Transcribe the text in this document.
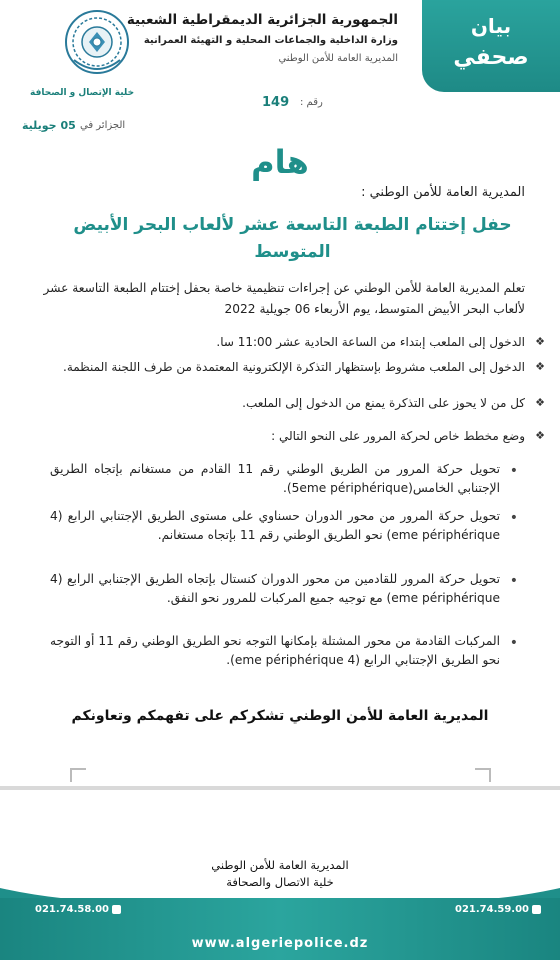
بيان
صحفي
الجمهورية الجزائرية الديمقراطية الشعبية
وزارة الداخلية والجماعات المحلية و التهيئة العمرانية
المديرية العامة للأمن الوطني
خلية الإتصال و الصحافة
رقم :
149
الجزائر في
05 جويلية
هام
المديرية العامة للأمن الوطني :
حفل إختتام الطبعة التاسعة عشر لألعاب البحر الأبيض المتوسط
تعلم المديرية العامة للأمن الوطني عن إجراءات تنظيمية خاصة بحفل إختتام الطبعة التاسعة عشر لألعاب البحر الأبيض المتوسط، يوم الأربعاء 06 جويلية 2022
❖
الدخول إلى الملعب إبتداء من الساعة الحادية عشر 11:00 سا.
❖
الدخول إلى الملعب مشروط بإستظهار التذكرة الإلكترونية المعتمدة من طرف اللجنة المنظمة.
❖
كل من لا يحوز على التذكرة يمنع من الدخول إلى الملعب.
❖
وضع مخطط خاص لحركة المرور على النحو التالي :
•
تحويل حركة المرور من الطريق الوطني رقم 11 القادم من مستغانم بإتجاه الطريق الإجتنابي الخامس(5eme périphérique).
•
تحويل حركة المرور من محور الدوران حسناوي على مستوى الطريق الإجتنابي الرابع (4 eme périphérique) نحو الطريق الوطني رقم 11 بإتجاه مستغانم.
•
تحويل حركة المرور للقادمين من محور الدوران كنستال بإتجاه الطريق الإجتنابي الرابع (4 eme périphérique) مع توجيه جميع المركبات للمرور نحو النفق.
•
المركبات القادمة من محور المشتلة بإمكانها التوجه نحو الطريق الوطني رقم 11 أو التوجه نحو الطريق الإجتنابي الرابع (4 eme périphérique).
المديرية العامة للأمن الوطني تشكركم على تفهمكم وتعاونكم
المديرية العامة للأمن الوطني
خلية الاتصال والصحافة
021.74.58.00	021.74.59.00
www.algeriepolice.dz
